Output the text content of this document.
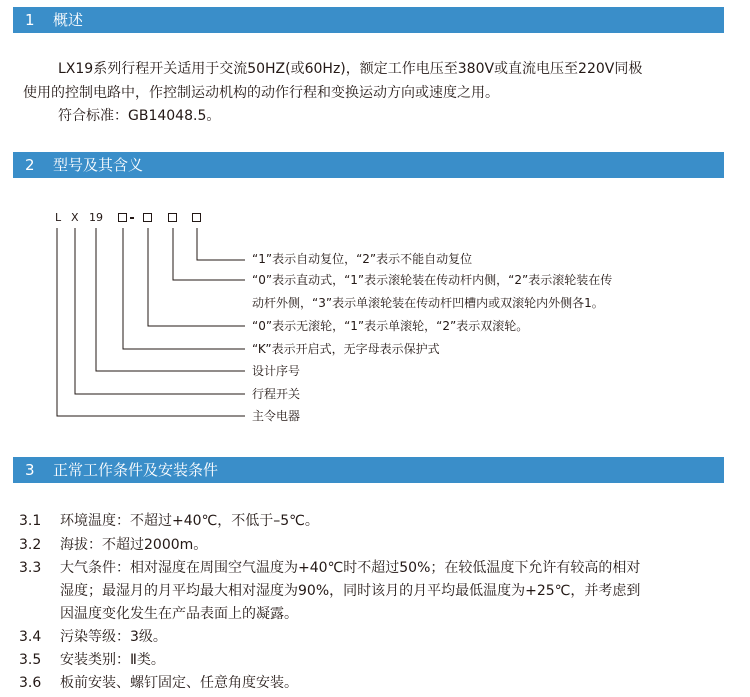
1 概述
LX19系列行程开关适用于交流50HZ(或60Hz)，额定工作电压至380V或直流电压至220V同极
使用的控制电路中，作控制运动机构的动作行程和变换运动方向或速度之用。
符合标准：GB14048.5。
2 型号及其含义
L X 19
“1”表示自动复位，“2”表示不能自动复位
“0”表示直动式，“1”表示滚轮装在传动杆内侧，“2”表示滚轮装在传
动杆外侧，“3”表示单滚轮装在传动杆凹槽内或双滚轮内外侧各1。
“0”表示无滚轮，“1”表示单滚轮，“2”表示双滚轮。
“K”表示开启式，无字母表示保护式
设计序号
行程开关
主令电器
3 正常工作条件及安装条件
3.1 环境温度：不超过+40℃，不低于–5℃。
3.2 海拔：不超过2000m。
3.3 大气条件：相对湿度在周围空气温度为+40℃时不超过50%；在较低温度下允许有较高的相对
湿度；最湿月的月平均最大相对湿度为90%，同时该月的月平均最低温度为+25℃，并考虑到
因温度变化发生在产品表面上的凝露。
3.4 污染等级：3级。
3.5 安装类别：Ⅱ类。
3.6 板前安装、螺钉固定、任意角度安装。
